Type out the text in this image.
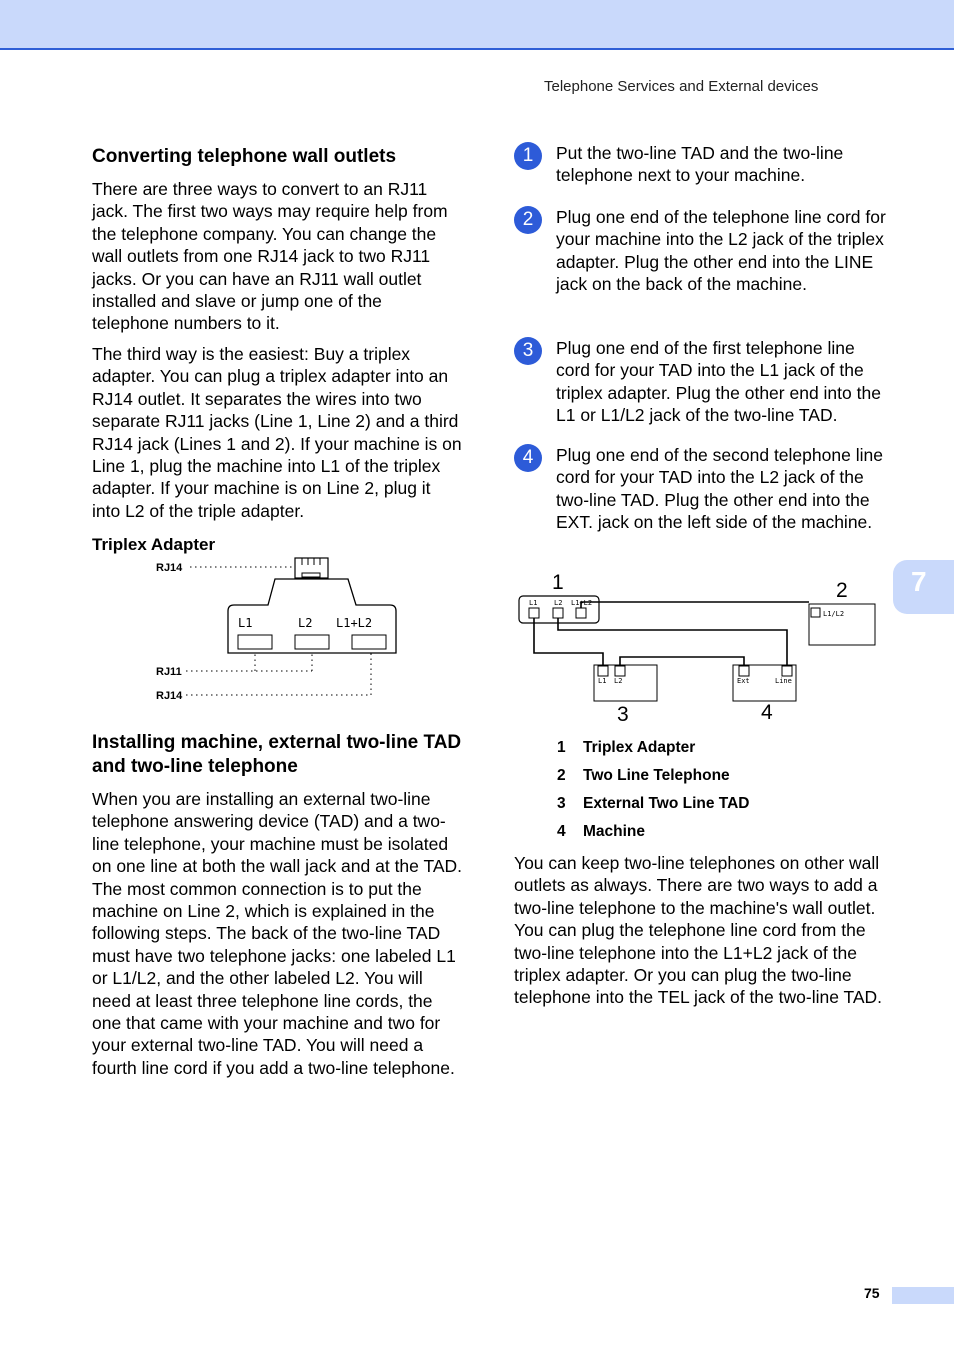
Telephone Services and External devices
7
75
Converting telephone wall outlets

There are three ways to convert to an RJ11 jack. The first two ways may require help from the telephone company. You can change the wall outlets from one RJ14 jack to two RJ11 jacks. Or you can have an RJ11 wall outlet installed and slave or jump one of the telephone numbers to it.

The third way is the easiest: Buy a triplex adapter. You can plug a triplex adapter into an RJ14 outlet. It separates the wires into two separate RJ11 jacks (Line 1, Line 2) and a third RJ14 jack (Lines 1 and 2). If your machine is on Line 1, plug the machine into L1 of the triplex adapter. If your machine is on Line 2, plug it into L2 of the triple adapter.

Triplex Adapter
RJ14
RJ11
RJ14
L1	L2 L1+L2
Installing machine, external two-line TAD and two-line telephone

When you are installing an external two-line telephone answering device (TAD) and a two-line telephone, your machine must be isolated on one line at both the wall jack and at the TAD. The most common connection is to put the machine on Line 2, which is explained in the following steps. The back of the two-line TAD must have two telephone jacks: one labeled L1 or L1/L2, and the other labeled L2. You will need at least three telephone line cords, the one that came with your machine and two for your external two-line TAD. You will need a fourth line cord if you add a two-line telephone.

1	Put the two-line TAD and the two-line telephone next to your machine.

2	Plug one end of the telephone line cord for your machine into the L2 jack of the triplex adapter. Plug the other end into the LINE jack on the back of the machine.

3	Plug one end of the first telephone line cord for your TAD into the L1 jack of the triplex adapter. Plug the other end into the L1 or L1/L2 jack of the two-line TAD.

4	Plug one end of the second telephone line cord for your TAD into the L2 jack of the two-line TAD. Plug the other end into the EXT. jack on the left side of the machine.

1	2
3	4
L1 L2 L1+L2
L1/L2
L1 L2	Ext	Line
1 Triplex Adapter
2 Two Line Telephone
3 External Two Line TAD
4 Machine

You can keep two-line telephones on other wall outlets as always. There are two ways to add a two-line telephone to the machine's wall outlet. You can plug the telephone line cord from the two-line telephone into the L1+L2 jack of the triplex adapter. Or you can plug the two-line telephone into the TEL jack of the two-line TAD.
